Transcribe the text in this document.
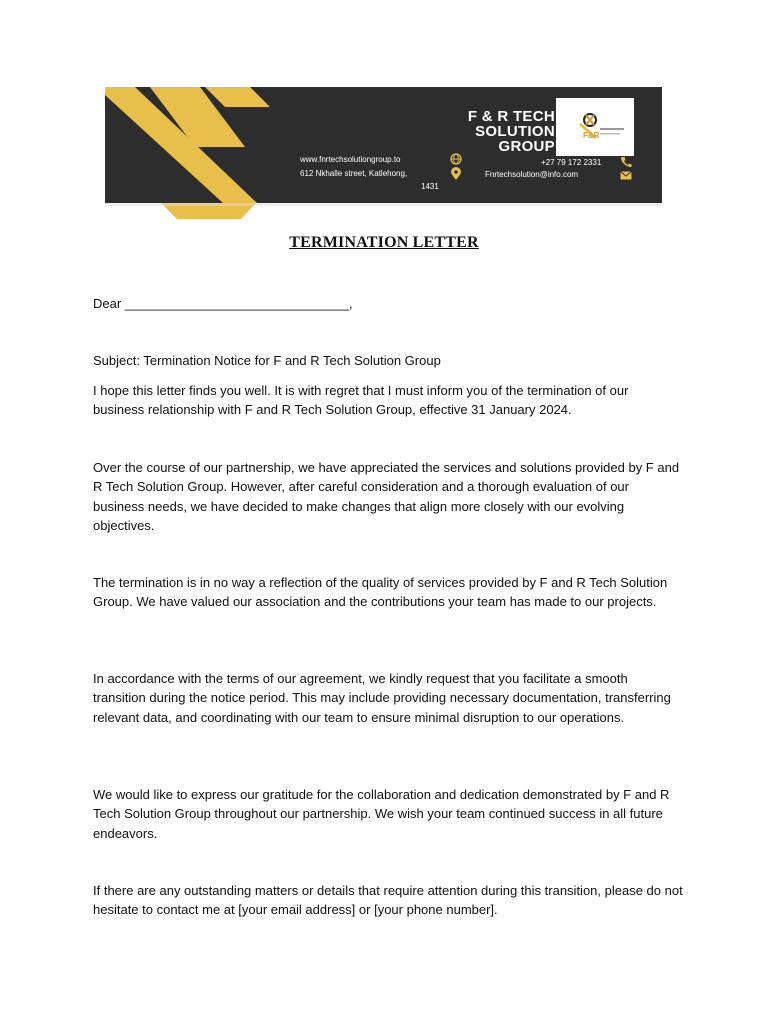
F & R TECH
SOLUTION
GROUP
F&R
www.fnrtechsolutiongroup.to
612 Nkhalle street, Katlehong,
1431
+27 79 172 2331
Fnrtechsolution@info.com
TERMINATION LETTER
Dear _______________________________,
Subject: Termination Notice for F and R Tech Solution Group
I hope this letter finds you well. It is with regret that I must inform you of the termination of our business relationship with F and R Tech Solution Group, effective 31 January 2024.
Over the course of our partnership, we have appreciated the services and solutions provided by F and R Tech Solution Group. However, after careful consideration and a thorough evaluation of our business needs, we have decided to make changes that align more closely with our evolving objectives.
The termination is in no way a reflection of the quality of services provided by F and R Tech Solution Group. We have valued our association and the contributions your team has made to our projects.
In accordance with the terms of our agreement, we kindly request that you facilitate a smooth transition during the notice period. This may include providing necessary documentation, transferring relevant data, and coordinating with our team to ensure minimal disruption to our operations.
We would like to express our gratitude for the collaboration and dedication demonstrated by F and R Tech Solution Group throughout our partnership. We wish your team continued success in all future endeavors.
If there are any outstanding matters or details that require attention during this transition, please do not hesitate to contact me at [your email address] or [your phone number].
